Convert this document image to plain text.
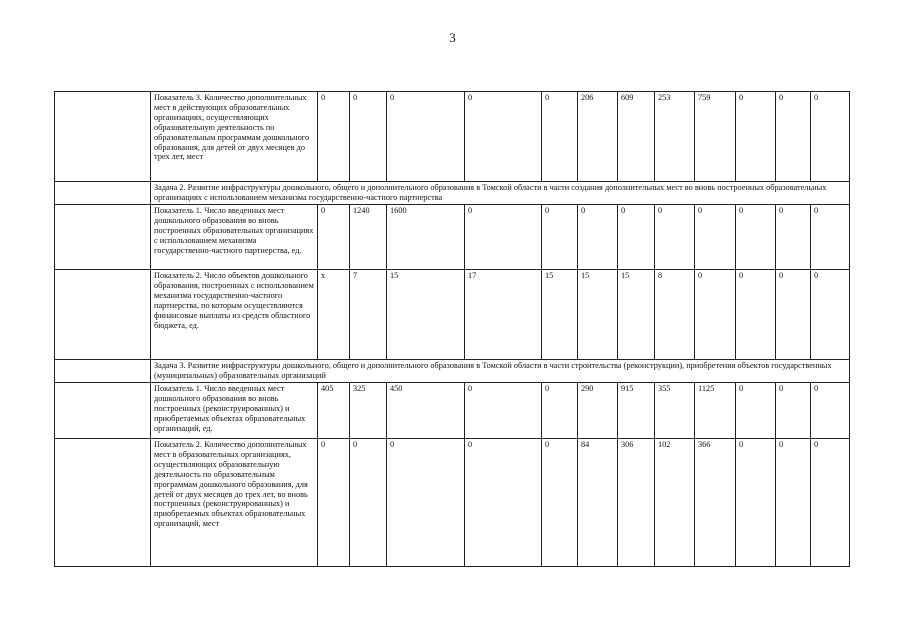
3
	Показатель 3. Количество дополнительных мест в действующих образовательных организациях, осуществляющих образовательную деятельность по образовательным программам дошкольного образования, для детей от двух месяцев до трех лет, мест	0	0	0	0	0	206	609	253	759	0	0	0
	Задача 2. Развитие инфраструктуры дошкольного, общего и дополнительного образования в Томской области в части создания дополнительных мест во вновь построенных образовательных организациях с использованием механизма государственно-частного партнерства												
	Показатель 1. Число введенных мест дошкольного образования во вновь построенных образовательных организациях с использованием механизма государственно-частного партнерства, ед.	0	1240	1600	0	0	0	0	0	0	0	0	0
	Показатель 2. Число объектов дошкольного образования, построенных с использованием механизма государственно-частного партнерства, по которым осуществляются финансовые выплаты из средств областного бюджета, ед.	x	7	15	17	15	15	15	8	0	0	0	0
	Задача 3. Развитие инфраструктуры дошкольного, общего и дополнительного образования в Томской области в части строительства (реконструкции), приобретения объектов государственных (муниципальных) образовательных организаций												
	Показатель 1. Число введенных мест дошкольного образования во вновь построенных (реконструированных) и приобретаемых объектах образовательных организаций, ед.	405	325	450	0	0	290	915	355	1125	0	0	0
	Показатель 2. Количество дополнительных мест в образовательных организациях, осуществляющих образовательную деятельность по образовательным программам дошкольного образования, для детей от двух месяцев до трех лет, во вновь построенных (реконструированных) и приобретаемых объектах образовательных организаций, мест	0	0	0	0	0	84	306	102	366	0	0	0
